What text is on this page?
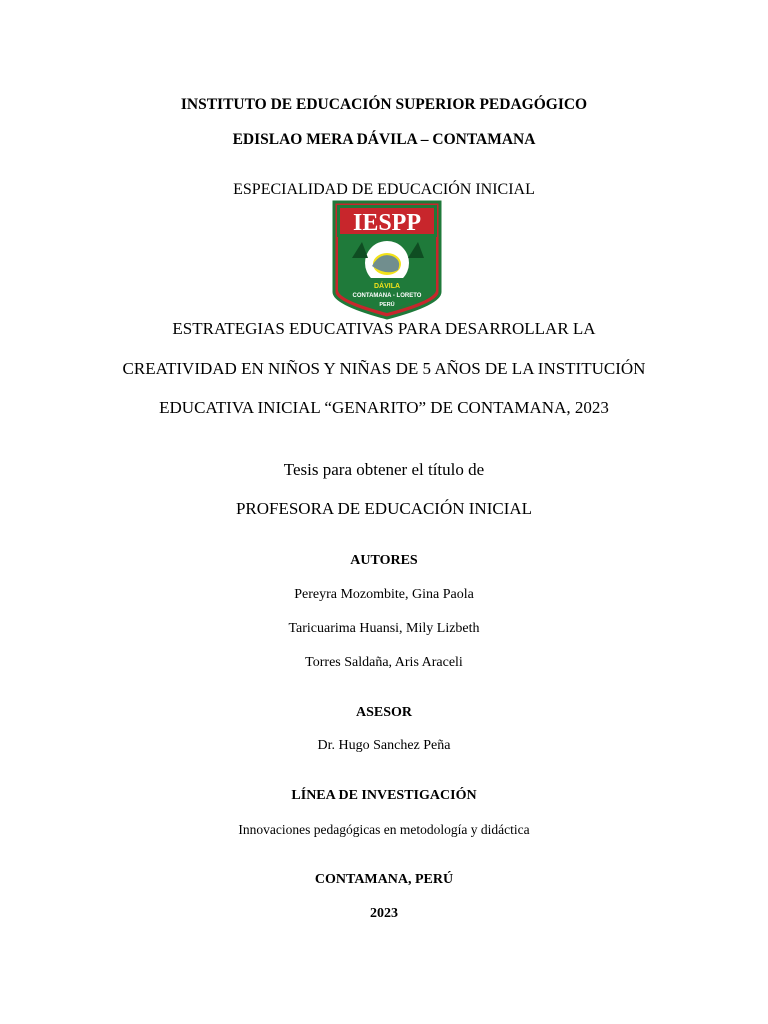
INSTITUTO DE EDUCACIÓN SUPERIOR PEDAGÓGICO
EDISLAO MERA DÁVILA – CONTAMANA
ESPECIALIDAD DE EDUCACIÓN INICIAL
IESPP
DÁVILA
CONTAMANA - LORETO
PERÚ
ESTRATEGIAS EDUCATIVAS PARA DESARROLLAR LA
CREATIVIDAD EN NIÑOS Y NIÑAS DE 5 AÑOS DE LA INSTITUCIÓN
EDUCATIVA INICIAL “GENARITO” DE CONTAMANA, 2023
Tesis para obtener el título de
PROFESORA DE EDUCACIÓN INICIAL
AUTORES
Pereyra Mozombite, Gina Paola
Taricuarima Huansi, Mily Lizbeth
Torres Saldaña, Aris Araceli
ASESOR
Dr. Hugo Sanchez Peña
LÍNEA DE INVESTIGACIÓN
Innovaciones pedagógicas en metodología y didáctica
CONTAMANA, PERÚ
2023
